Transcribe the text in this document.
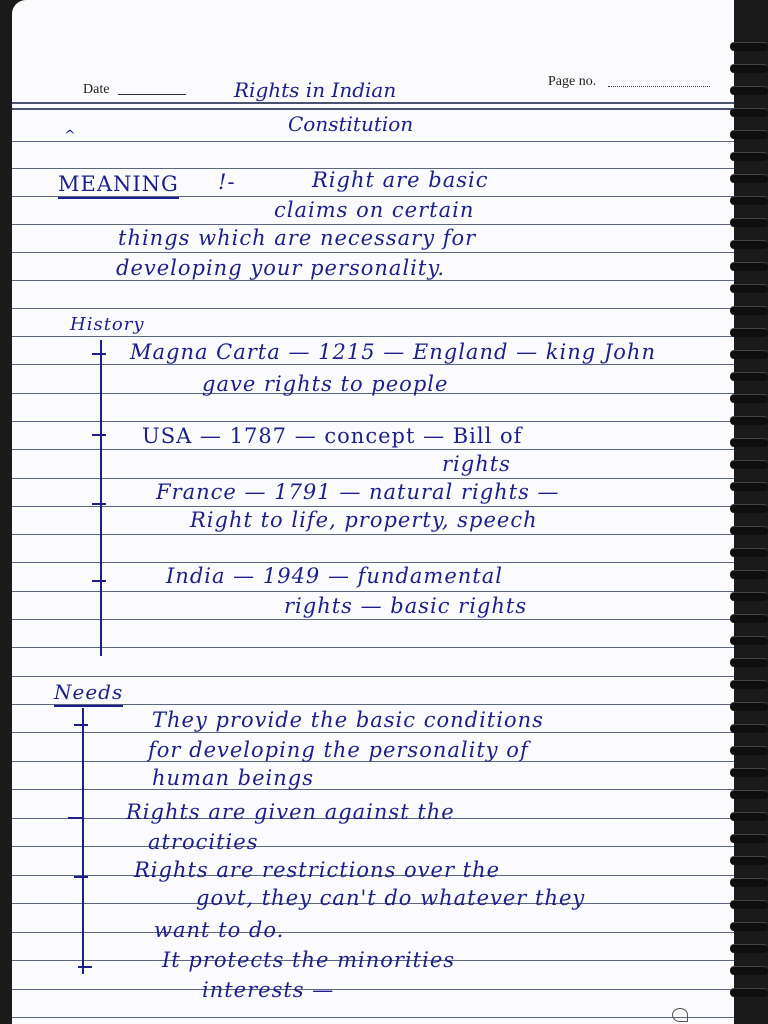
Date
Page no.
Rights in Indian
Constitution
^
MEANING !-	Right are basic
claims on certain
things which are necessary for
developing your personality.
History
Magna Carta — 1215 — England — king John
gave rights to people
USA — 1787 — concept — Bill of
rights
France — 1791 — natural rights —
Right to life, property, speech
India — 1949 — fundamental
rights — basic rights
Needs
They provide the basic conditions
for developing the personality of
human beings
Rights are given against the
atrocities
Rights are restrictions over the
govt, they can't do whatever they
want to do.
It protects the minorities
interests —
